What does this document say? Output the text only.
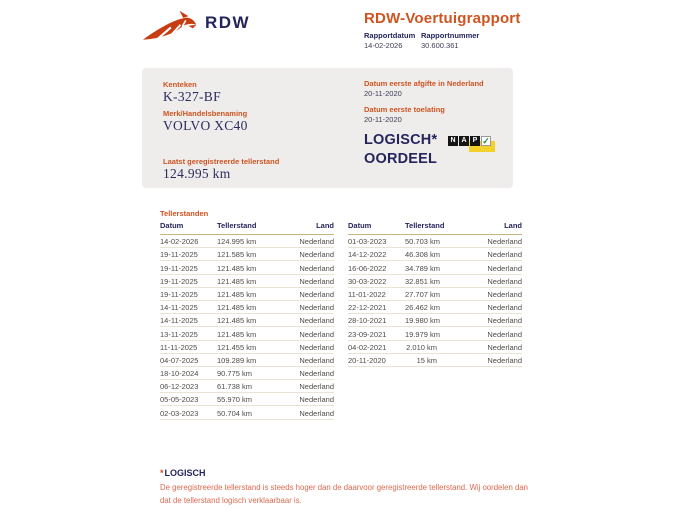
RDW	RDW-Voertuigrapport
Rapportdatum Rapportnummer
14-02-2026 30.600.361
Kenteken
K-327-BF
Merk/Handelsbenaming
VOLVO XC40
Laatst geregistreerde tellerstand
124.995 km
Datum eerste afgifte in Nederland
20-11-2020
Datum eerste toelating
20-11-2020
LOGISCH*
OORDEEL
N A P ✓
Tellerstanden
Datum	Tellerstand	Land
14-02-2026	124.995 km	Nederland
19-11-2025	121.585 km	Nederland
19-11-2025	121.485 km	Nederland
19-11-2025	121.485 km	Nederland
19-11-2025	121.485 km	Nederland
14-11-2025	121.485 km	Nederland
14-11-2025	121.485 km	Nederland
13-11-2025	121.485 km	Nederland
11-11-2025	121.455 km	Nederland
04-07-2025	109.289 km	Nederland
18-10-2024	90.775 km	Nederland
06-12-2023	61.738 km	Nederland
05-05-2023	55.970 km	Nederland
02-03-2023	50.704 km	Nederland
Datum	Tellerstand	Land
01-03-2023	50.703 km	Nederland
14-12-2022	46.308 km	Nederland
16-06-2022	34.789 km	Nederland
30-03-2022	32.851 km	Nederland
11-01-2022	27.707 km	Nederland
22-12-2021	26.462 km	Nederland
28-10-2021	19.980 km	Nederland
23-09-2021	19.979 km	Nederland
04-02-2021	2.010 km	Nederland
20-11-2020	15 km	Nederland
*LOGISCH
De geregistreerde tellerstand is steeds hoger dan de daarvoor geregistreerde tellerstand. Wij oordelen dan dat de tellerstand logisch verklaarbaar is.
